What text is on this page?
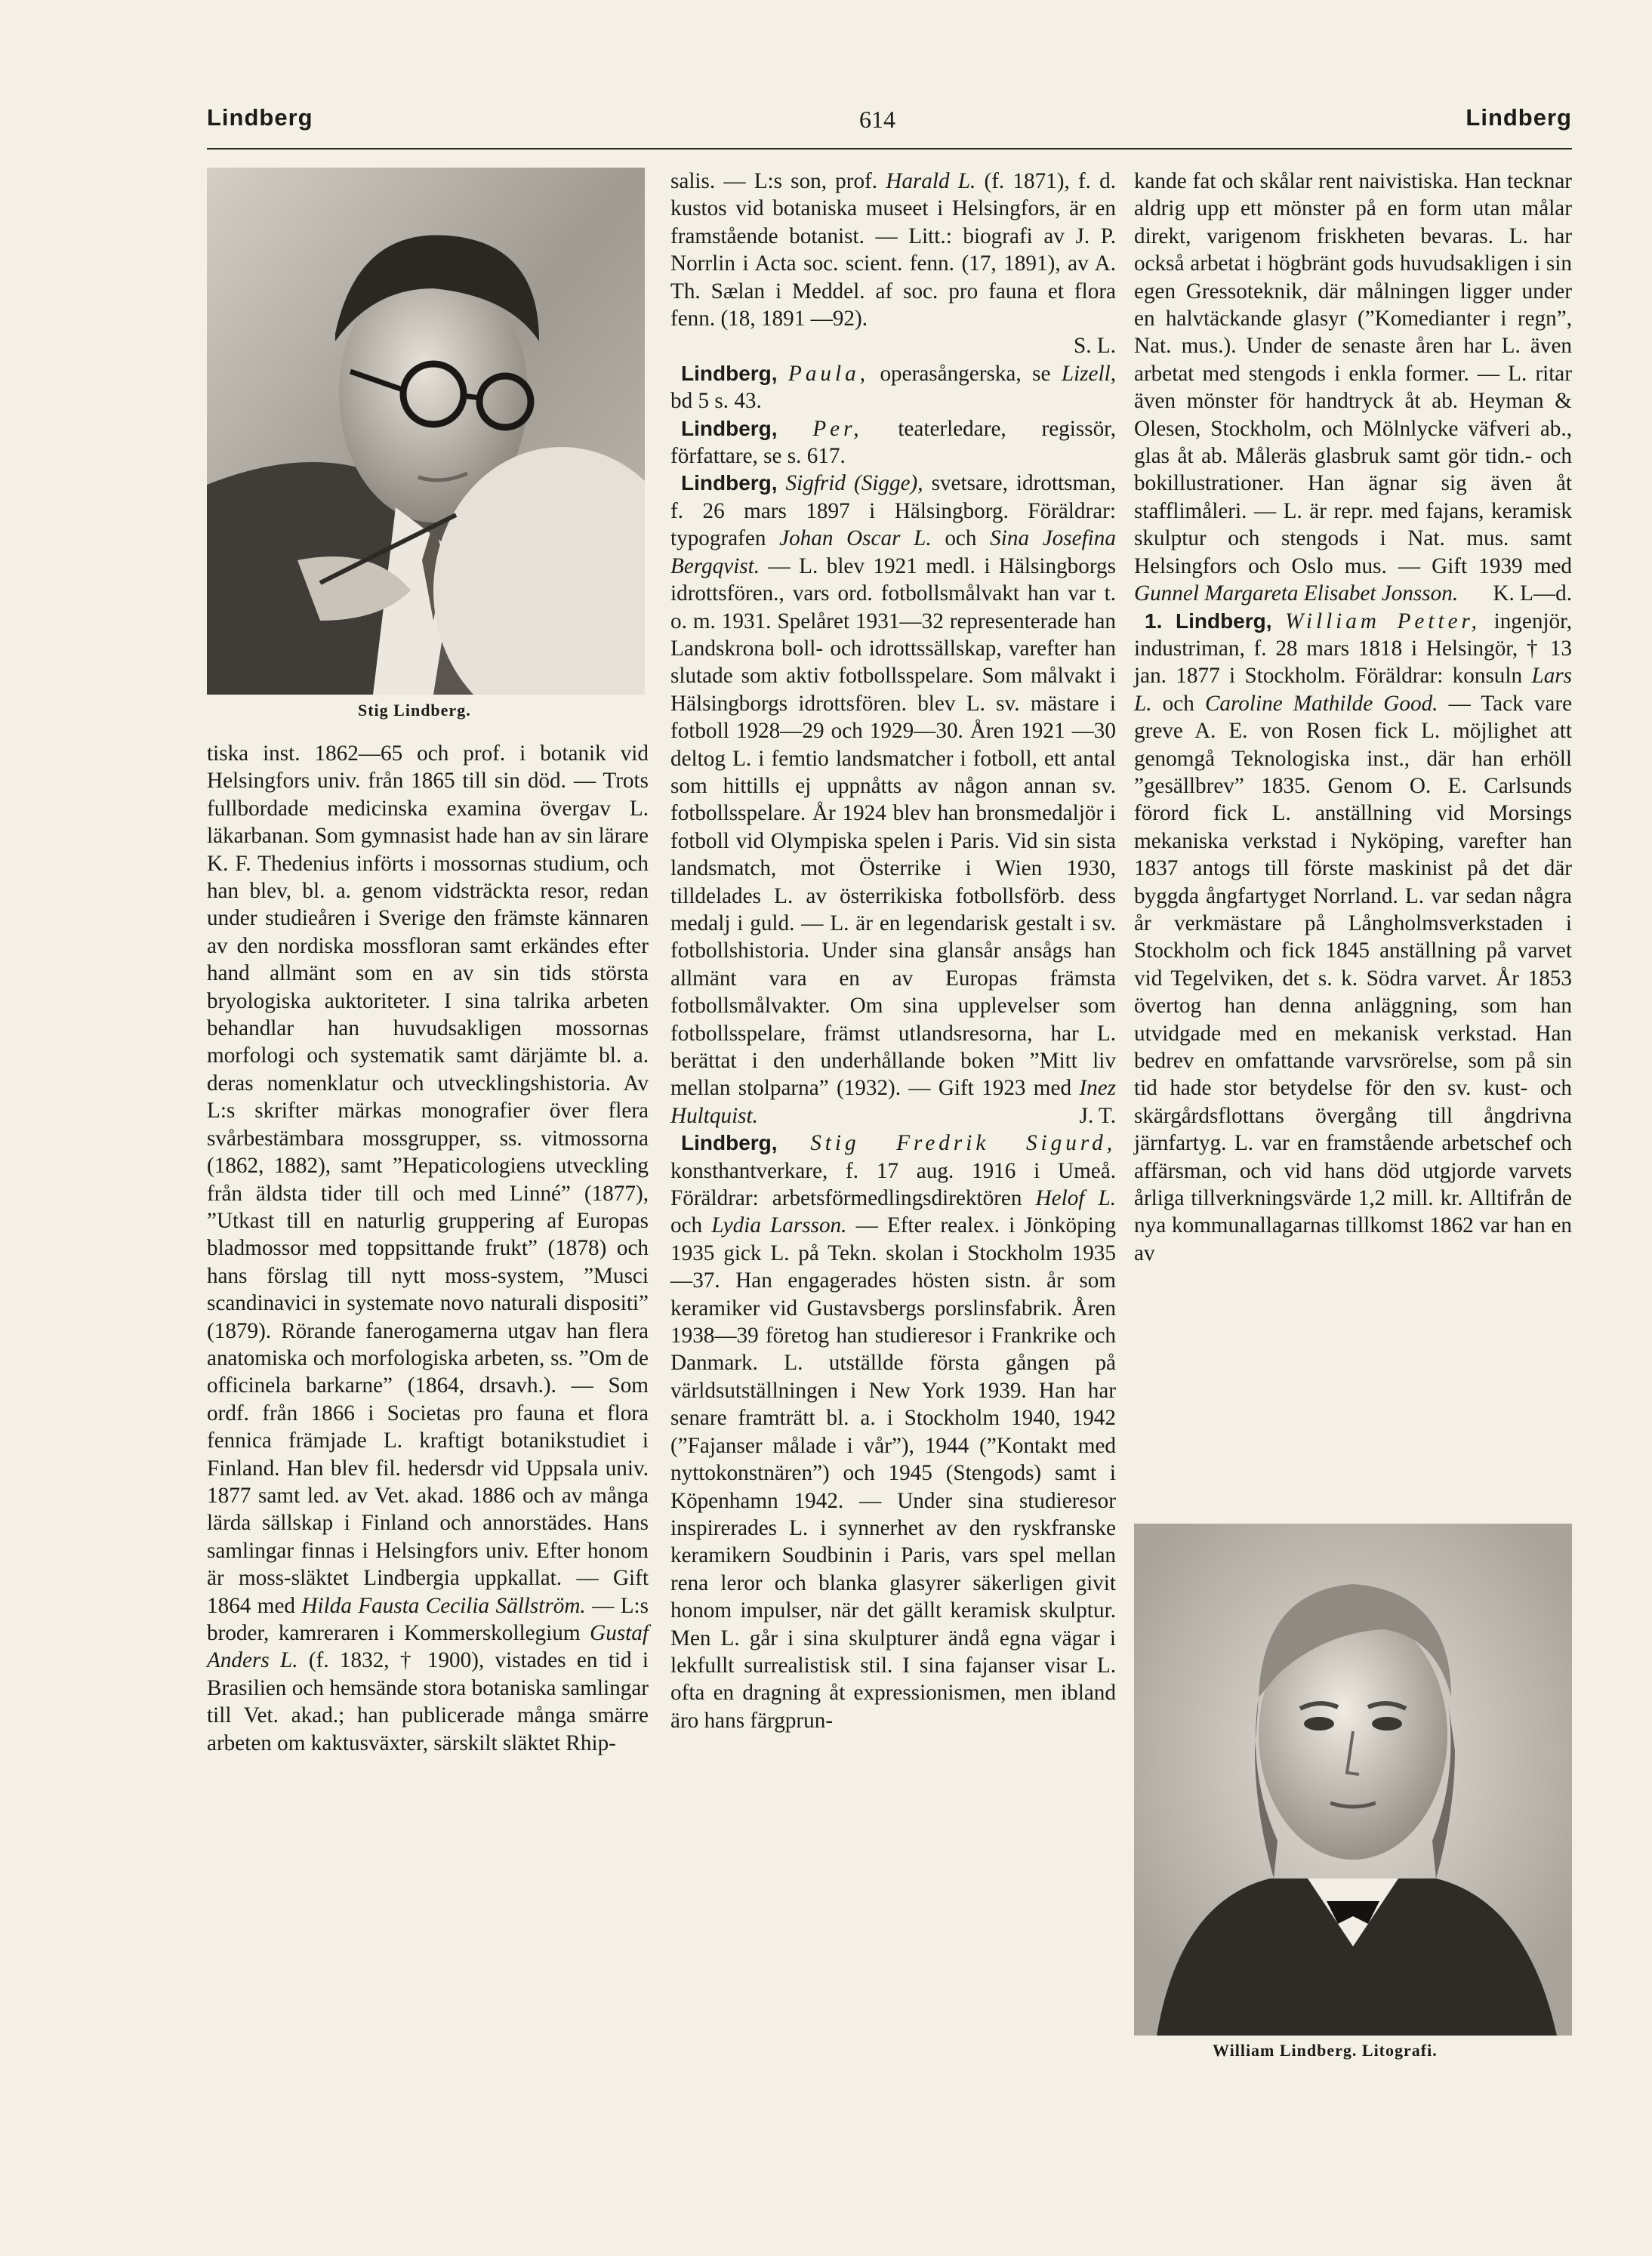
Lindberg	614	Lindberg
Stig Lindberg.

tiska inst. 1862—65 och prof. i botanik vid Helsingfors univ. från 1865 till sin död. — Trots fullbordade medicinska examina övergav L. läkarbanan. Som gymnasist hade han av sin lärare K. F. Thedenius införts i mossornas studium, och han blev, bl. a. genom vidsträckta resor, redan under studieåren i Sverige den främste kännaren av den nordiska mossfloran samt erkändes efter hand allmänt som en av sin tids största bryologiska auktoriteter. I sina talrika arbeten behandlar han huvudsakligen mossornas morfologi och systematik samt därjämte bl. a. deras nomenklatur och utvecklingshistoria. Av L:s skrifter märkas monografier över flera svårbestämbara mossgrupper, ss. vitmossorna (1862, 1882), samt ”Hepaticologiens utveckling från äldsta tider till och med Linné” (1877), ”Utkast till en naturlig gruppering af Europas bladmossor med toppsittande frukt” (1878) och hans förslag till nytt moss-system, ”Musci scandinavici in systemate novo naturali dispositi” (1879). Rörande fanerogamerna utgav han flera anatomiska och morfologiska arbeten, ss. ”Om de officinela barkarne” (1864, drsavh.). — Som ordf. från 1866 i Societas pro fauna et flora fennica främjade L. kraftigt botanikstudiet i Finland. Han blev fil. hedersdr vid Uppsala univ. 1877 samt led. av Vet. akad. 1886 och av många lärda sällskap i Finland och annorstädes. Hans samlingar finnas i Helsingfors univ. Efter honom är moss-släktet Lindbergia uppkallat. — Gift 1864 med Hilda Fausta Cecilia Sällström. — L:s broder, kamreraren i Kommerskollegium Gustaf Anders L. (f. 1832, † 1900), vistades en tid i Brasilien och hemsände stora botaniska samlingar till Vet. akad.; han publicerade många smärre arbeten om kaktusväxter, särskilt släktet Rhip-

salis. — L:s son, prof. Harald L. (f. 1871), f. d. kustos vid botaniska museet i Helsingfors, är en framstående botanist. — Litt.: biografi av J. P. Norrlin i Acta soc. scient. fenn. (17, 1891), av A. Th. Sælan i Meddel. af soc. pro fauna et flora fenn. (18, 1891 —92).
S. L.

Lindberg, Paula, operasångerska, se Lizell, bd 5 s. 43.

Lindberg, Per, teaterledare, regissör, författare, se s. 617.

Lindberg, Sigfrid (Sigge), svetsare, idrottsman, f. 26 mars 1897 i Hälsingborg. Föräldrar: typografen Johan Oscar L. och Sina Josefina Bergqvist. — L. blev 1921 medl. i Hälsingborgs idrottsfören., vars ord. fotbollsmålvakt han var t. o. m. 1931. Spelåret 1931—32 representerade han Landskrona boll- och idrottssällskap, varefter han slutade som aktiv fotbollsspelare. Som målvakt i Hälsingborgs idrottsfören. blev L. sv. mästare i fotboll 1928—29 och 1929—30. Åren 1921 —30 deltog L. i femtio landsmatcher i fotboll, ett antal som hittills ej uppnåtts av någon annan sv. fotbollsspelare. År 1924 blev han bronsmedaljör i fotboll vid Olympiska spelen i Paris. Vid sin sista landsmatch, mot Österrike i Wien 1930, tilldelades L. av österrikiska fotbollsförb. dess medalj i guld. — L. är en legendarisk gestalt i sv. fotbollshistoria. Under sina glansår ansågs han allmänt vara en av Europas främsta fotbollsmålvakter. Om sina upplevelser som fotbollsspelare, främst utlandsresorna, har L. berättat i den underhållande boken ”Mitt liv mellan stolparna” (1932). — Gift 1923 med Inez Hultquist.	J. T.

Lindberg, Stig Fredrik Sigurd, konsthantverkare, f. 17 aug. 1916 i Umeå. Föräldrar: arbetsförmedlingsdirektören Helof L. och Lydia Larsson. — Efter realex. i Jönköping 1935 gick L. på Tekn. skolan i Stockholm 1935 —37. Han engagerades hösten sistn. år som keramiker vid Gustavsbergs porslinsfabrik. Åren 1938—39 företog han studieresor i Frankrike och Danmark. L. utställde första gången på världsutställningen i New York 1939. Han har senare framträtt bl. a. i Stockholm 1940, 1942 (”Fajanser målade i vår”), 1944 (”Kontakt med nyttokonstnären”) och 1945 (Stengods) samt i Köpenhamn 1942. — Under sina studieresor inspirerades L. i synnerhet av den ryskfranske keramikern Soudbinin i Paris, vars spel mellan rena leror och blanka glasyrer säkerligen givit honom impulser, när det gällt keramisk skulptur. Men L. går i sina skulpturer ändå egna vägar i lekfullt surrealistisk stil. I sina fajanser visar L. ofta en dragning åt expressionismen, men ibland äro hans färgprun-

kande fat och skålar rent naivistiska. Han tecknar aldrig upp ett mönster på en form utan målar direkt, varigenom friskheten bevaras. L. har också arbetat i högbränt gods huvudsakligen i sin egen Gressoteknik, där målningen ligger under en halvtäckande glasyr (”Komedianter i regn”, Nat. mus.). Under de senaste åren har L. även arbetat med stengods i enkla former. — L. ritar även mönster för handtryck åt ab. Heyman & Olesen, Stockholm, och Mölnlycke väfveri ab., glas åt ab. Måleräs glasbruk samt gör tidn.- och bokillustrationer. Han ägnar sig även åt stafflimåleri. — L. är repr. med fajans, keramisk skulptur och stengods i Nat. mus. samt Helsingfors och Oslo mus. — Gift 1939 med Gunnel Margareta Elisabet Jonsson. K. L—d.

1. Lindberg, William Petter, ingenjör, industriman, f. 28 mars 1818 i Helsingör, † 13 jan. 1877 i Stockholm. Föräldrar: konsuln Lars L. och Caroline Mathilde Good. — Tack vare greve A. E. von Rosen fick L. möjlighet att genomgå Teknologiska inst., där han erhöll ”gesällbrev” 1835. Genom O. E. Carlsunds förord fick L. anställning vid Morsings mekaniska verkstad i Nyköping, varefter han 1837 antogs till förste maskinist på det där byggda ångfartyget Norrland. L. var sedan några år verkmästare på Långholmsverkstaden i Stockholm och fick 1845 anställning på varvet vid Tegelviken, det s. k. Södra varvet. År 1853 övertog han denna anläggning, som han utvidgade med en mekanisk verkstad. Han bedrev en omfattande varvsrörelse, som på sin tid hade stor betydelse för den sv. kust- och skärgårdsflottans övergång till ångdrivna järnfartyg. L. var en framstående arbetschef och affärsman, och vid hans död utgjorde varvets årliga tillverkningsvärde 1,2 mill. kr. Alltifrån de nya kommunallagarnas tillkomst 1862 var han en av

William Lindberg. Litografi.
